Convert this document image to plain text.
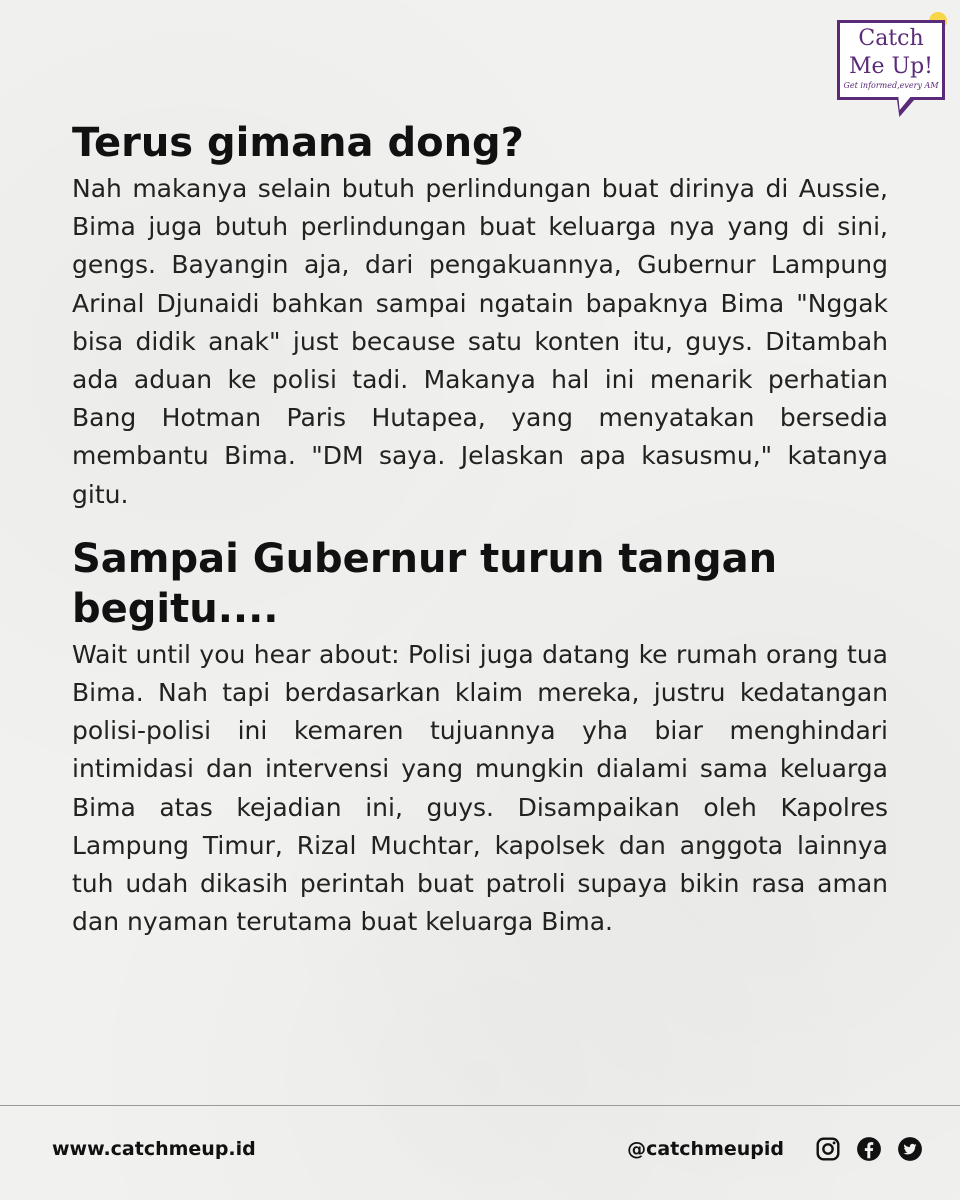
Catch
Me Up!
Get informed,every AM
Terus gimana dong?

Nah makanya selain butuh perlindungan buat dirinya di Aussie, Bima juga butuh perlindungan buat keluarga nya yang di sini, gengs. Bayangin aja, dari pengakuannya, Gubernur Lampung Arinal Djunaidi bahkan sampai ngatain bapaknya Bima "Nggak bisa didik anak" just because satu konten itu, guys. Ditambah ada aduan ke polisi tadi. Makanya hal ini menarik perhatian Bang Hotman Paris Hutapea, yang menyatakan bersedia membantu Bima. "DM saya. Jelaskan apa kasusmu," katanya gitu.

Sampai Gubernur turun tangan begitu....

Wait until you hear about: Polisi juga datang ke rumah orang tua Bima. Nah tapi berdasarkan klaim mereka, justru kedatangan polisi-polisi ini kemaren tujuannya yha biar menghindari intimidasi dan intervensi yang mungkin dialami sama keluarga Bima atas kejadian ini, guys. Disampaikan oleh Kapolres Lampung Timur, Rizal Muchtar, kapolsek dan anggota lainnya tuh udah dikasih perintah buat patroli supaya bikin rasa aman dan nyaman terutama buat keluarga Bima.

www.catchmeup.id	@catchmeupid
